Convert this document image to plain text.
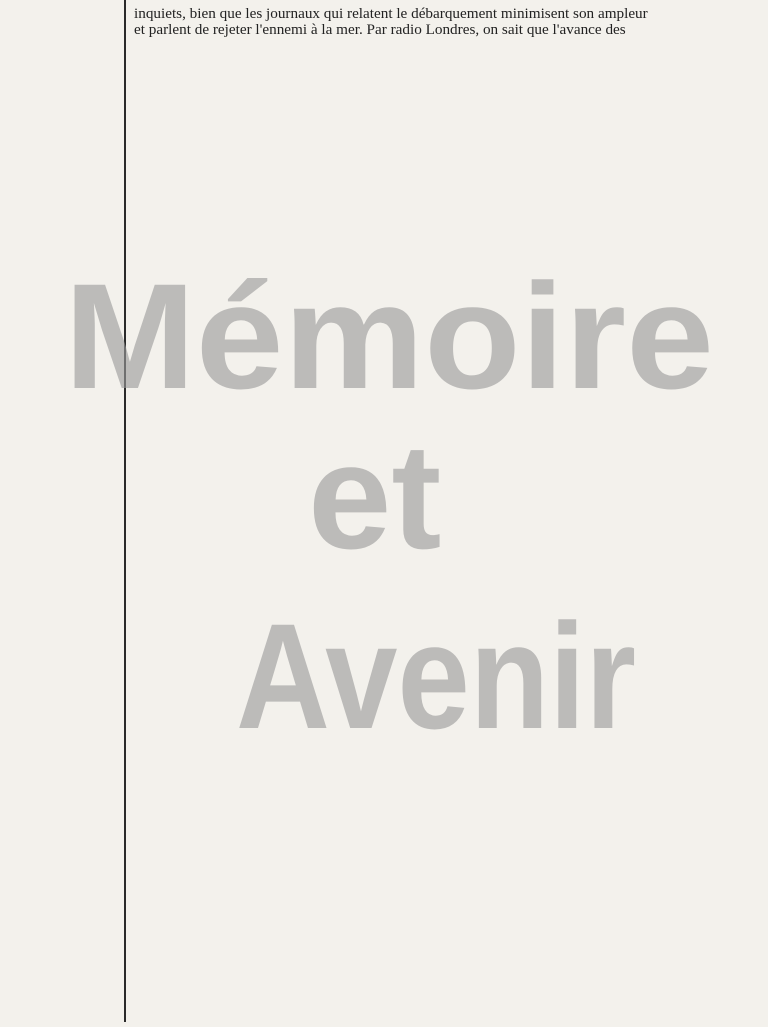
inquiets, bien que les journaux qui relatent le débarquement minimisent son ampleur

et parlent de rejeter l'ennemi à la mer. Par radio Londres, on sait que l'avance des

Mémoire
et
Avenir
